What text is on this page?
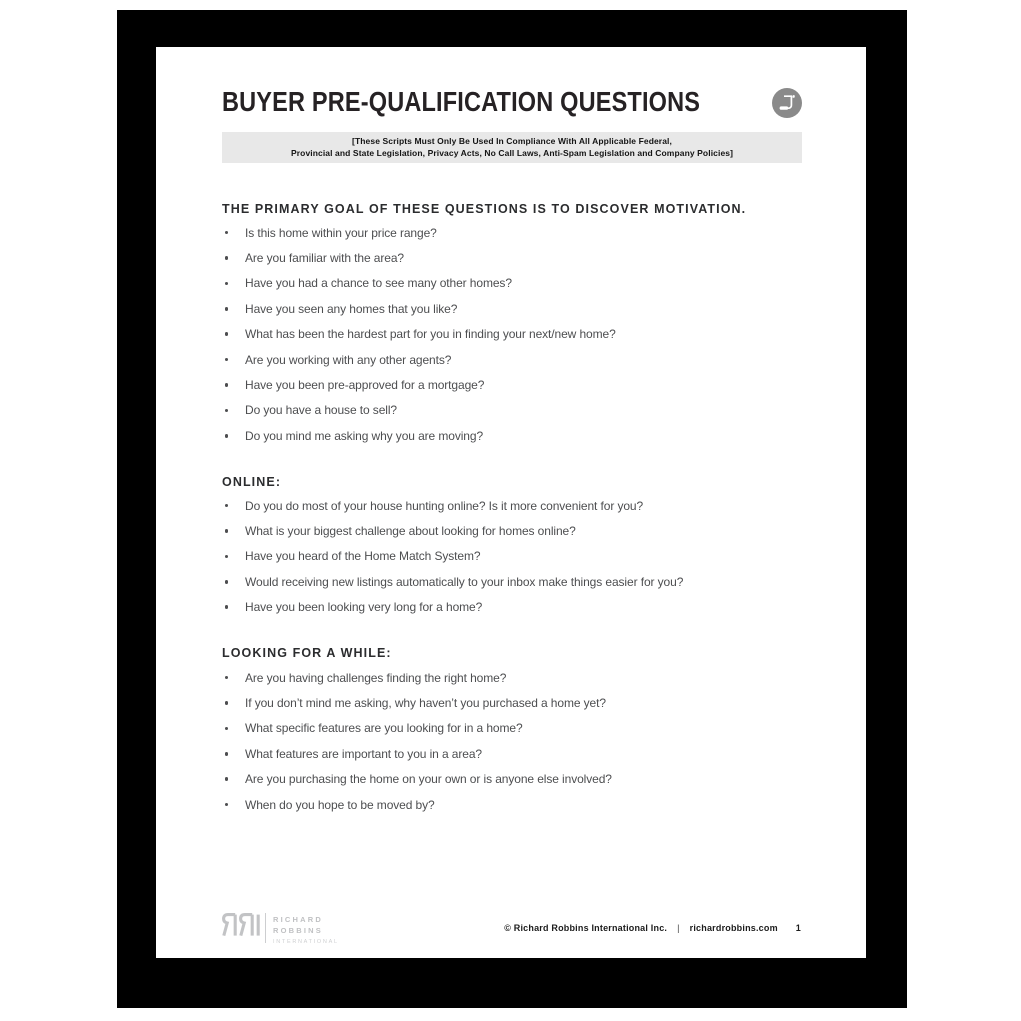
BUYER PRE-QUALIFICATION QUESTIONS
[These Scripts Must Only Be Used In Compliance With All Applicable Federal,
Provincial and State Legislation, Privacy Acts, No Call Laws, Anti-Spam Legislation and Company Policies]
THE PRIMARY GOAL OF THESE QUESTIONS IS TO DISCOVER MOTIVATION.
Is this home within your price range?
Are you familiar with the area?
Have you had a chance to see many other homes?
Have you seen any homes that you like?
What has been the hardest part for you in finding your next/new home?
Are you working with any other agents?
Have you been pre-approved for a mortgage?
Do you have a house to sell?
Do you mind me asking why you are moving?
ONLINE:
Do you do most of your house hunting online? Is it more convenient for you?
What is your biggest challenge about looking for homes online?
Have you heard of the Home Match System?
Would receiving new listings automatically to your inbox make things easier for you?
Have you been looking very long for a home?
LOOKING FOR A WHILE:
Are you having challenges finding the right home?
If you don’t mind me asking, why haven’t you purchased a home yet?
What specific features are you looking for in a home?
What features are important to you in a area?
Are you purchasing the home on your own or is anyone else involved?
When do you hope to be moved by?
RICHARD
ROBBINS
INTERNATIONAL
© Richard Robbins International Inc. | richardrobbins.com 1
